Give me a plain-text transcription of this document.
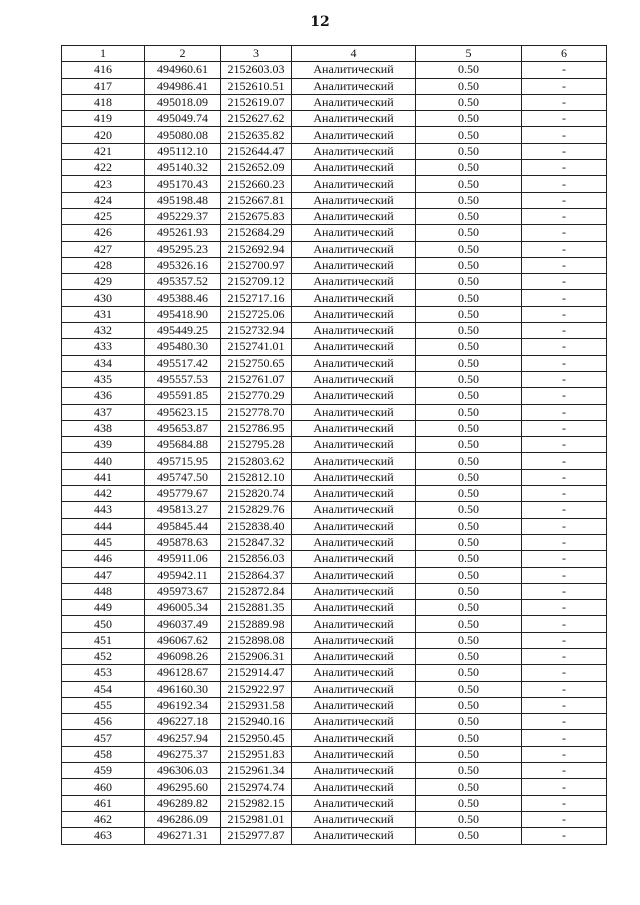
12
1	2	3	4	5	6
416	494960.61	2152603.03	Аналитический	0.50	-
417	494986.41	2152610.51	Аналитический	0.50	-
418	495018.09	2152619.07	Аналитический	0.50	-
419	495049.74	2152627.62	Аналитический	0.50	-
420	495080.08	2152635.82	Аналитический	0.50	-
421	495112.10	2152644.47	Аналитический	0.50	-
422	495140.32	2152652.09	Аналитический	0.50	-
423	495170.43	2152660.23	Аналитический	0.50	-
424	495198.48	2152667.81	Аналитический	0.50	-
425	495229.37	2152675.83	Аналитический	0.50	-
426	495261.93	2152684.29	Аналитический	0.50	-
427	495295.23	2152692.94	Аналитический	0.50	-
428	495326.16	2152700.97	Аналитический	0.50	-
429	495357.52	2152709.12	Аналитический	0.50	-
430	495388.46	2152717.16	Аналитический	0.50	-
431	495418.90	2152725.06	Аналитический	0.50	-
432	495449.25	2152732.94	Аналитический	0.50	-
433	495480.30	2152741.01	Аналитический	0.50	-
434	495517.42	2152750.65	Аналитический	0.50	-
435	495557.53	2152761.07	Аналитический	0.50	-
436	495591.85	2152770.29	Аналитический	0.50	-
437	495623.15	2152778.70	Аналитический	0.50	-
438	495653.87	2152786.95	Аналитический	0.50	-
439	495684.88	2152795.28	Аналитический	0.50	-
440	495715.95	2152803.62	Аналитический	0.50	-
441	495747.50	2152812.10	Аналитический	0.50	-
442	495779.67	2152820.74	Аналитический	0.50	-
443	495813.27	2152829.76	Аналитический	0.50	-
444	495845.44	2152838.40	Аналитический	0.50	-
445	495878.63	2152847.32	Аналитический	0.50	-
446	495911.06	2152856.03	Аналитический	0.50	-
447	495942.11	2152864.37	Аналитический	0.50	-
448	495973.67	2152872.84	Аналитический	0.50	-
449	496005.34	2152881.35	Аналитический	0.50	-
450	496037.49	2152889.98	Аналитический	0.50	-
451	496067.62	2152898.08	Аналитический	0.50	-
452	496098.26	2152906.31	Аналитический	0.50	-
453	496128.67	2152914.47	Аналитический	0.50	-
454	496160.30	2152922.97	Аналитический	0.50	-
455	496192.34	2152931.58	Аналитический	0.50	-
456	496227.18	2152940.16	Аналитический	0.50	-
457	496257.94	2152950.45	Аналитический	0.50	-
458	496275.37	2152951.83	Аналитический	0.50	-
459	496306.03	2152961.34	Аналитический	0.50	-
460	496295.60	2152974.74	Аналитический	0.50	-
461	496289.82	2152982.15	Аналитический	0.50	-
462	496286.09	2152981.01	Аналитический	0.50	-
463	496271.31	2152977.87	Аналитический	0.50	-
